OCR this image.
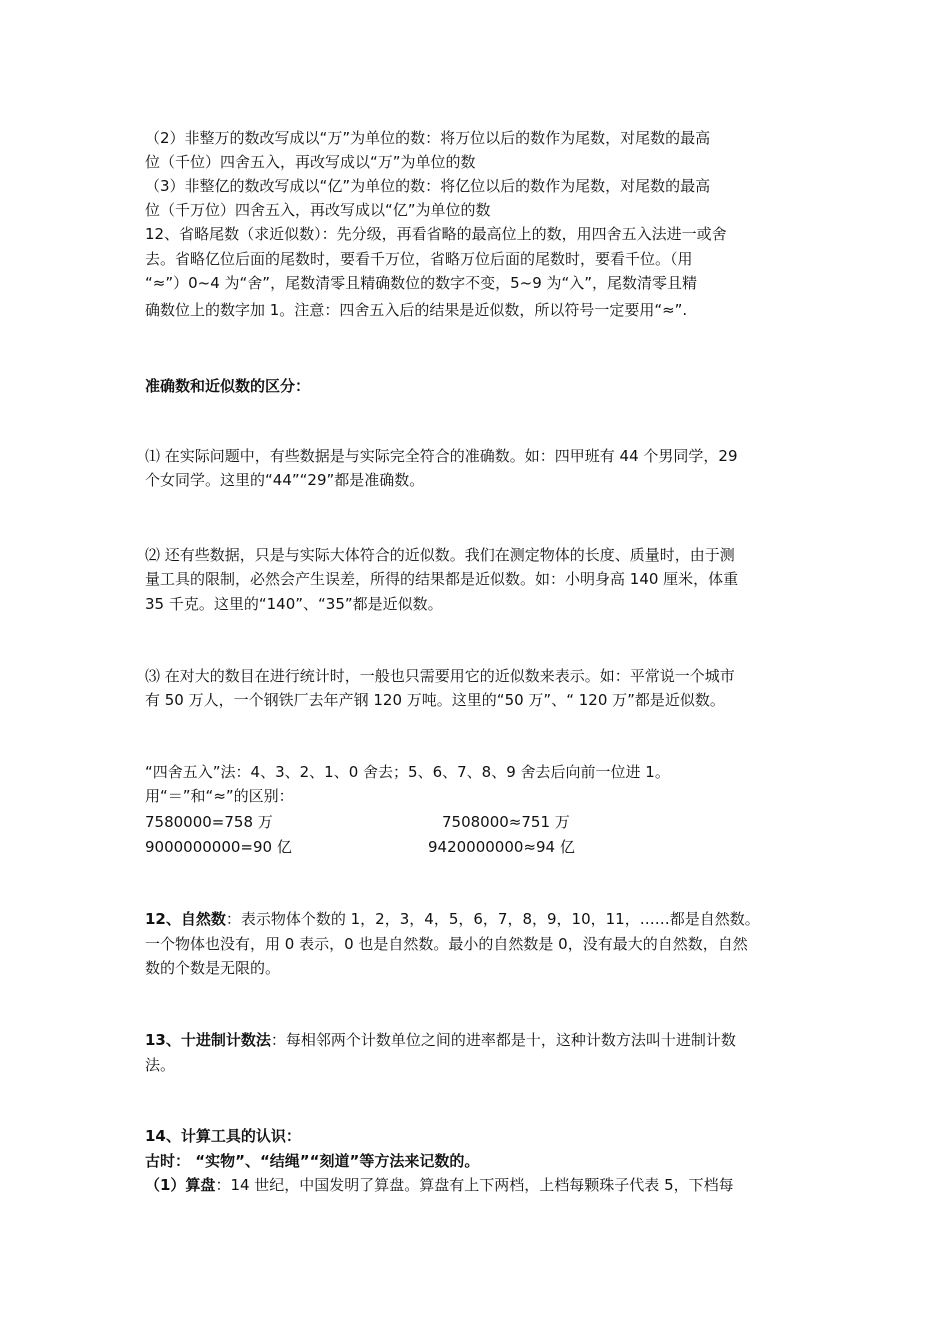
（2）非整万的数改写成以“万”为单位的数：将万位以后的数作为尾数，对尾数的最高
位（千位）四舍五入，再改写成以“万”为单位的数
（3）非整亿的数改写成以“亿”为单位的数：将亿位以后的数作为尾数，对尾数的最高
位（千万位）四舍五入，再改写成以“亿”为单位的数
12、省略尾数（求近似数）：先分级，再看省略的最高位上的数，用四舍五入法进一或舍
去。省略亿位后面的尾数时，要看千万位，省略万位后面的尾数时，要看千位。（用
“≈”）0~4 为“舍”，尾数清零且精确数位的数字不变，5~9 为“入”，尾数清零且精
确数位上的数字加 1。注意：四舍五入后的结果是近似数，所以符号一定要用“≈”.
准确数和近似数的区分：
⑴ 在实际问题中，有些数据是与实际完全符合的准确数。如：四甲班有 44 个男同学，29
个女同学。这里的“44”“29”都是准确数。
⑵ 还有些数据，只是与实际大体符合的近似数。我们在测定物体的长度、质量时，由于测
量工具的限制，必然会产生误差，所得的结果都是近似数。如：小明身高 140 厘米，体重
35 千克。这里的“140”、“35”都是近似数。
⑶ 在对大的数目在进行统计时，一般也只需要用它的近似数来表示。如：平常说一个城市
有 50 万人，一个钢铁厂去年产钢 120 万吨。这里的“50 万”、“ 120 万”都是近似数。
“四舍五入”法：4、3、2、1、0 舍去；5、6、7、8、9 舍去后向前一位进 1。
用“＝”和“≈”的区别：
7580000=758 万	7508000≈751 万
9000000000=90 亿	9420000000≈94 亿
12、自然数：表示物体个数的 1，2，3，4，5，6，7，8，9，10，11，……都是自然数。
一个物体也没有，用 0 表示，0 也是自然数。最小的自然数是 0，没有最大的自然数，自然
数的个数是无限的。
13、十进制计数法：每相邻两个计数单位之间的进率都是十，这种计数方法叫十进制计数
法。
14、计算工具的认识：
古时： “实物”、“结绳”“刻道”等方法来记数的。
（1）算盘：14 世纪，中国发明了算盘。算盘有上下两档，上档每颗珠子代表 5，下档每
